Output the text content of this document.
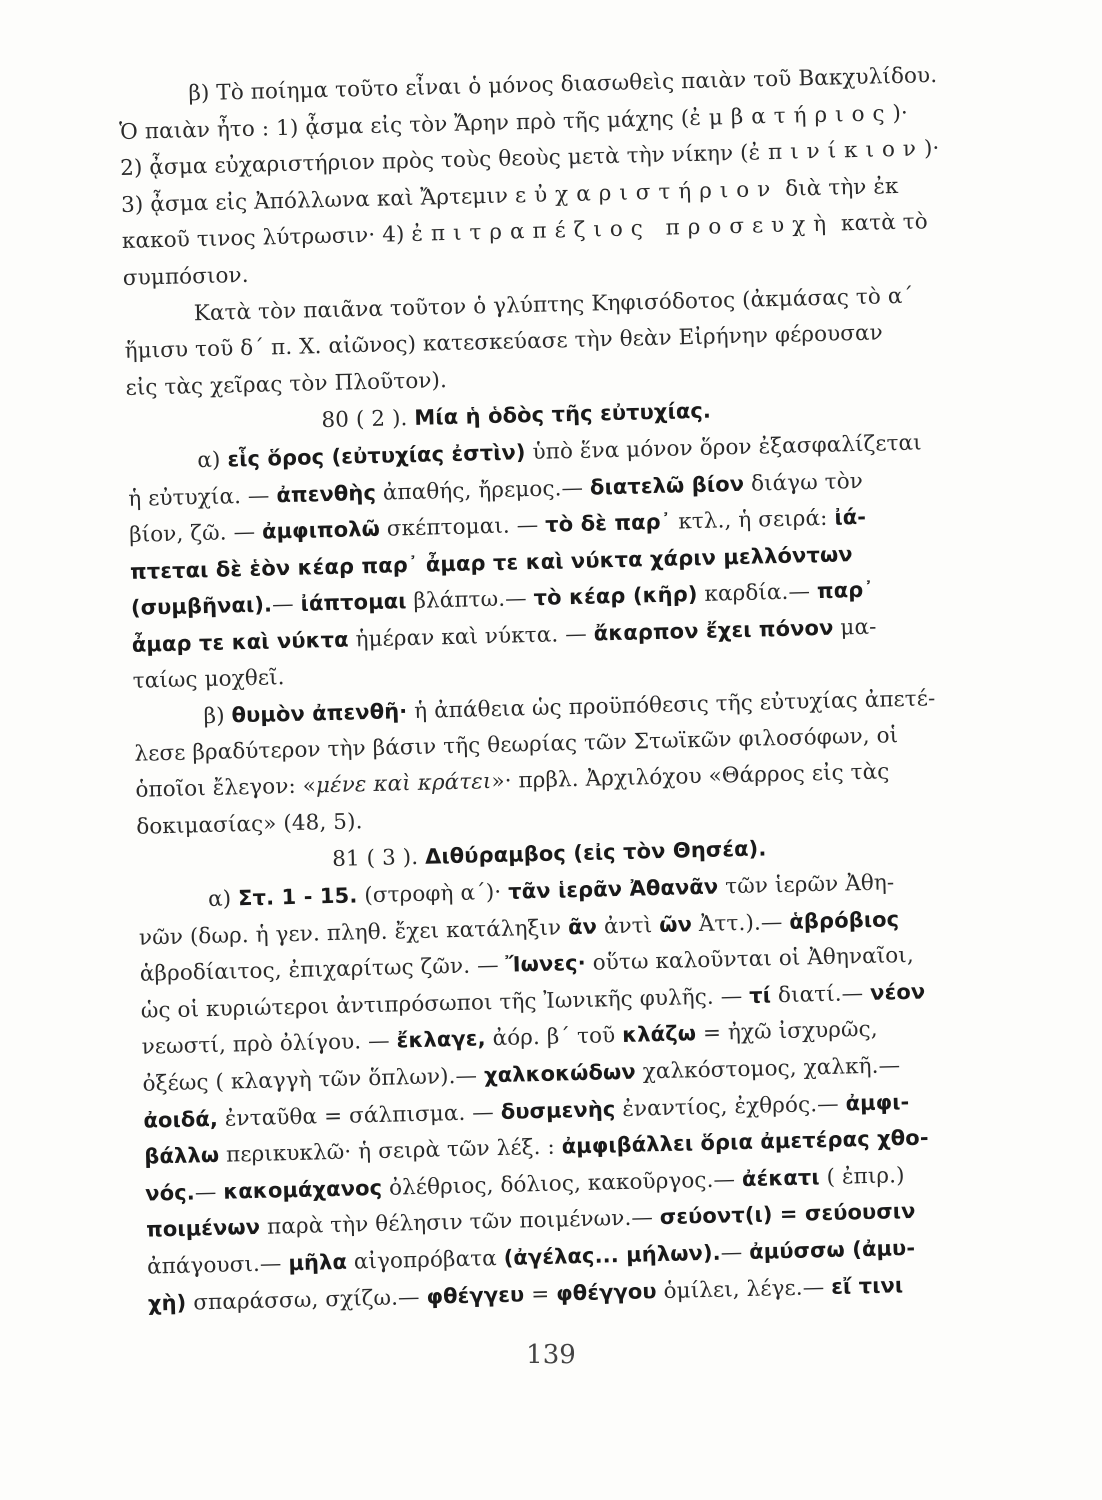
β) Τὸ ποίημα τοῦτο εἶναι ὁ μόνος διασωθεὶς παιὰν τοῦ Βακχυλίδου.
Ὁ παιὰν ἦτο : 1) ᾆσμα εἰς τὸν Ἄρην πρὸ τῆς μάχης (ἐμβατήριος)·
2) ᾆσμα εὐχαριστήριον πρὸς τοὺς θεοὺς μετὰ τὴν νίκην (ἐπινίκιον)·
3) ᾆσμα εἰς Ἀπόλλωνα καὶ Ἄρτεμιν εὐχαριστήριον διὰ τὴν ἐκ
κακοῦ τινος λύτρωσιν· 4) ἐπιτραπέζιος προσευχὴ κατὰ τὸ
συμπόσιον.
Κατὰ τὸν παιᾶνα τοῦτον ὁ γλύπτης Κηφισόδοτος (ἀκμάσας τὸ α΄
ἥμισυ τοῦ δ΄ π. Χ. αἰῶνος) κατεσκεύασε τὴν θεὰν Εἰρήνην φέρουσαν
εἰς τὰς χεῖρας τὸν Πλοῦτον).
80 ( 2 ). Μία ἡ ὁδὸς τῆς εὐτυχίας.
α) εἷς ὅρος (εὐτυχίας ἐστὶν) ὑπὸ ἕνα μόνον ὅρον ἐξασφαλίζεται
ἡ εὐτυχία. — ἀπενθὴς ἀπαθής, ἤρεμος.— διατελῶ βίον διάγω τὸν
βίον, ζῶ. — ἀμφιπολῶ σκέπτομαι. — τὸ δὲ παρ᾽ κτλ., ἡ σειρά: ἰά-
πτεται δὲ ἑὸν κέαρ παρ᾽ ἆμαρ τε καὶ νύκτα χάριν μελλόντων
(συμβῆναι).— ἰάπτομαι βλάπτω.— τὸ κέαρ (κῆρ) καρδία.— παρ᾽
ἆμαρ τε καὶ νύκτα ἡμέραν καὶ νύκτα. — ἄκαρπον ἔχει πόνον μα-
ταίως μοχθεῖ.
β) θυμὸν ἀπενθῆ· ἡ ἀπάθεια ὡς προϋπόθεσις τῆς εὐτυχίας ἀπετέ-
λεσε βραδύτερον τὴν βάσιν τῆς θεωρίας τῶν Στωϊκῶν φιλοσόφων, οἱ
ὁποῖοι ἔλεγον: «μένε καὶ κράτει»· πρβλ. Ἀρχιλόχου «Θάρρος εἰς τὰς
δοκιμασίας» (48, 5).
81 ( 3 ). Διθύραμβος (εἰς τὸν Θησέα).
α) Στ. 1 - 15. (στροφὴ α΄)· τᾶν ἱερᾶν Ἀθανᾶν τῶν ἱερῶν Ἀθη-
νῶν (δωρ. ἡ γεν. πληθ. ἔχει κατάληξιν ᾶν ἀντὶ ῶν Ἀττ.).— ἁβρόβιος
ἁβροδίαιτος, ἐπιχαρίτως ζῶν. — Ἴωνες· οὕτω καλοῦνται οἱ Ἀθηναῖοι,
ὡς οἱ κυριώτεροι ἀντιπρόσωποι τῆς Ἰωνικῆς φυλῆς. — τί διατί.— νέον
νεωστί, πρὸ ὀλίγου. — ἔκλαγε, ἀόρ. β΄ τοῦ κλάζω = ἠχῶ ἰσχυρῶς,
ὀξέως ( κλαγγὴ τῶν ὅπλων).— χαλκοκώδων χαλκόστομος, χαλκῆ.—
ἀοιδά, ἐνταῦθα = σάλπισμα. — δυσμενὴς ἐναντίος, ἐχθρός.— ἀμφι-
βάλλω περικυκλῶ· ἡ σειρὰ τῶν λέξ. : ἀμφιβάλλει ὅρια ἀμετέρας χθο-
νός.— κακομάχανος ὀλέθριος, δόλιος, κακοῦργος.— ἀέκατι ( ἐπιρ.)
ποιμένων παρὰ τὴν θέλησιν τῶν ποιμένων.— σεύοντ(ι) = σεύουσιν
ἀπάγουσι.— μῆλα αἰγοπρόβατα (ἀγέλας... μήλων).— ἀμύσσω (ἀμυ-
χὴ) σπαράσσω, σχίζω.— φθέγγευ = φθέγγου ὁμίλει, λέγε.— εἴ τινι
139
